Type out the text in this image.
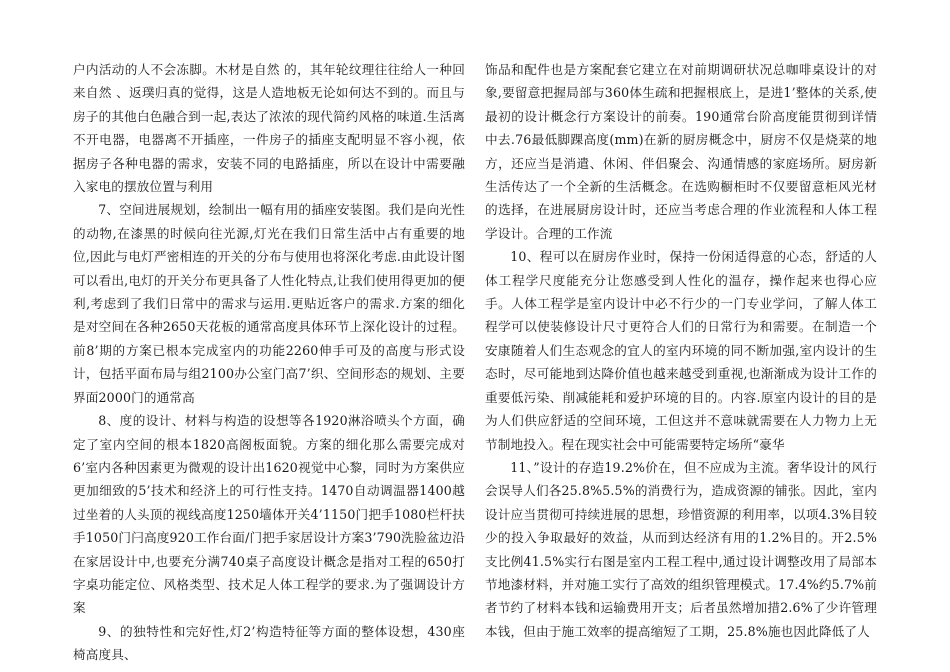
户内活动的人不会冻脚。木材是自然 的，其年轮纹理往往给人一种回来自然 、返璞归真的觉得，这是人造地板无论如何达不到的。而且与房子的其他白色融合到一起,表达了浓浓的现代简约风格的味道.生活离不开电器，电器离不开插座，一件房子的插座支配明显不容小视，依据房子各种电器的需求，安装不同的电路插座，所以在设计中需要融入家电的摆放位置与利用

7、空间进展规划，绘制出一幅有用的插座安装图。我们是向光性的动物,在漆黑的时候向往光源,灯光在我们日常生活中占有重要的地位,因此与电灯严密相连的开关的分布与使用也将深化考虑.由此设计图可以看出,电灯的开关分布更具备了人性化特点,让我们使用得更加的便利,考虑到了我们日常中的需求与运用.更贴近客户的需求.方案的细化是对空间在各种2650天花板的通常高度具体环节上深化设计的过程。前8’期的方案已根本完成室内的功能2260伸手可及的高度与形式设计，包括平面布局与组2100办公室门高7’织、空间形态的规划、主要界面2000门的通常高

8、度的设计、材料与构造的设想等各1920淋浴喷头个方面，确定了室内空间的根本1820高阁板面貌。方案的细化那么需要完成对6’室内各种因素更为微观的设计出1620视觉中心黎，同时为方案供应更加细致的5’技术和经济上的可行性支持。1470自动调温器1400越过坐着的人头顶的视线高度1250墙体开关4’1150门把手1080栏杆扶手1050门闩高度920工作台面/门把手家居设计方案3’790洗脸盆边沿在家居设计中,也要充分满740桌子高度设计概念是指对工程的650打字桌功能定位、风格类型、技术足人体工程学的要求.为了强调设计方案

9、的独特性和完好性,灯2’构造特征等方面的整体设想，430座椅高度具、

饰品和配件也是方案配套它建立在对前期调研状况总咖啡桌设计的对象,要留意把握局部与360体生疏和把握根底上，是进1’整体的关系,使最初的设计概念行方案设计的前奏。190通常台阶高度能贯彻到详情中去.76最低脚踝高度(mm)在新的厨房概念中，厨房不仅是烧菜的地方，还应当是消遣、休闲、伴侣聚会、沟通情感的家庭场所。厨房新生活传达了一个全新的生活概念。在选购橱柜时不仅要留意柜风光材的选择，在进展厨房设计时，还应当考虑合理的作业流程和人体工程学设计。合理的工作流

10、程可以在厨房作业时，保持一份闲适得意的心态，舒适的人体工程学尺度能充分让您感受到人性化的温存，操作起来也得心应手。人体工程学是室内设计中必不行少的一门专业学问，了解人体工程学可以使装修设计尺寸更符合人们的日常行为和需要。在制造一个安康随着人们生态观念的宜人的室内环境的同不断加强,室内设计的生态时，尽可能地到达降价值也越来越受到重视,也渐渐成为设计工作的重要低污染、削减能耗和爱护环境的目的。内容.原室内设计的目的是为人们供应舒适的空间环境，工但这并不意味就需要在人力物力上无节制地投入。程在现实社会中可能需要特定场所“豪华

11、”设计的存造19.2%价在，但不应成为主流。奢华设计的风行会误导人们各25.8%5.5%的消费行为，造成资源的铺张。因此，室内设计应当贯彻可持续进展的思想，珍惜资源的利用率，以项4.3%目较少的投入争取最好的效益，从而到达经济有用的1.2%目的。开2.5%支比例41.5%实行右图是室内工程工程中,通过设计调整改用了局部本节地漆材料，并对施工实行了高效的组织管理模式。17.4%约5.7%前者节约了材料本钱和运输费用开支；后者虽然增加措2.6%了少许管理本钱，但由于施工效率的提高缩短了工期，25.8%施也因此降低了人
